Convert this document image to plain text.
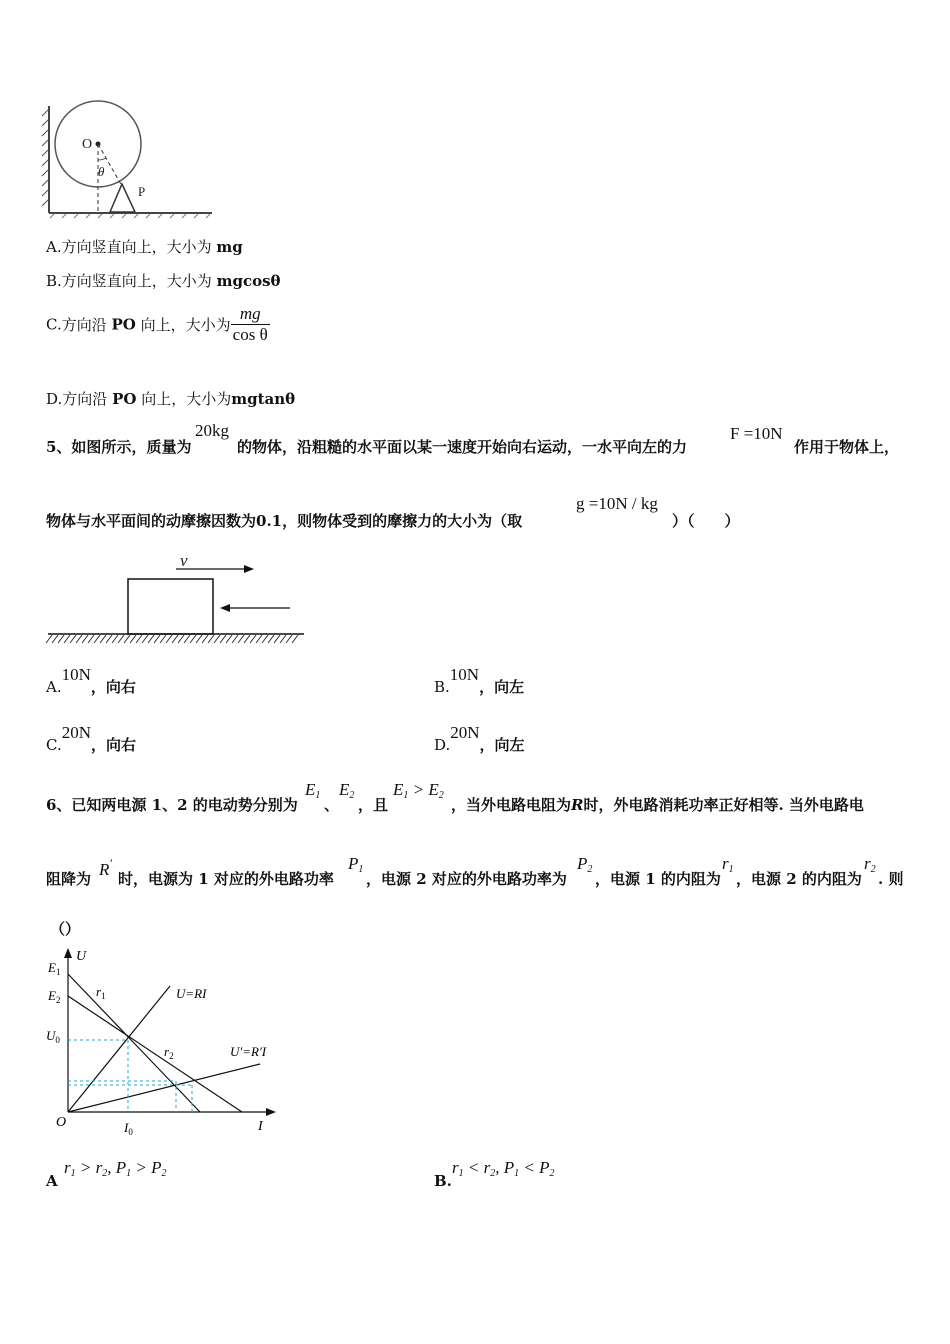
O
θ
P
A.方向竖直向上，大小为 mg
B.方向竖直向上，大小为 mgcosθ
C.方向沿 PO 向上，大小为 $\frac{mg}{\text{cos θ}}$
D.方向沿 PO 向上，大小为mgtanθ
5、如图所示，质量为
20kg
的物体，沿粗糙的水平面以某一速度开始向右运动，一水平向左的力
F =10N
作用于物体上，
物体与水平面间的动摩擦因数为0.1，则物体受到的摩擦力的大小为（取
g =10N / kg
）（　　）
v
A.10N，向右	B.10N，向左
C.20N，向右	D.20N，向左
6、已知两电源 1、2 的电动势分别为
$E_1$
、
$E_2$
，且
$E_1 > E_2$
，当外电路电阻为R时，外电路消耗功率正好相等. 当外电路电
阻降为 R′
时，电源为 1 对应的外电路功率
$P_1$
，电源 2 对应的外电路功率为
$P_2$
，电源 1 的内阻为
$r_1$
，电源 2 的内阻为
$r_2$
. 则
（）
U
I
O
$E_1$
$E_2$
$U_0$
$I_0$
$r_1$
$r_2$
U=RI
U′=R′I
A
$r_1 > r_2$, $P_1 > P_2$	B.
$r_1 < r_2$, $P_1 < P_2$
